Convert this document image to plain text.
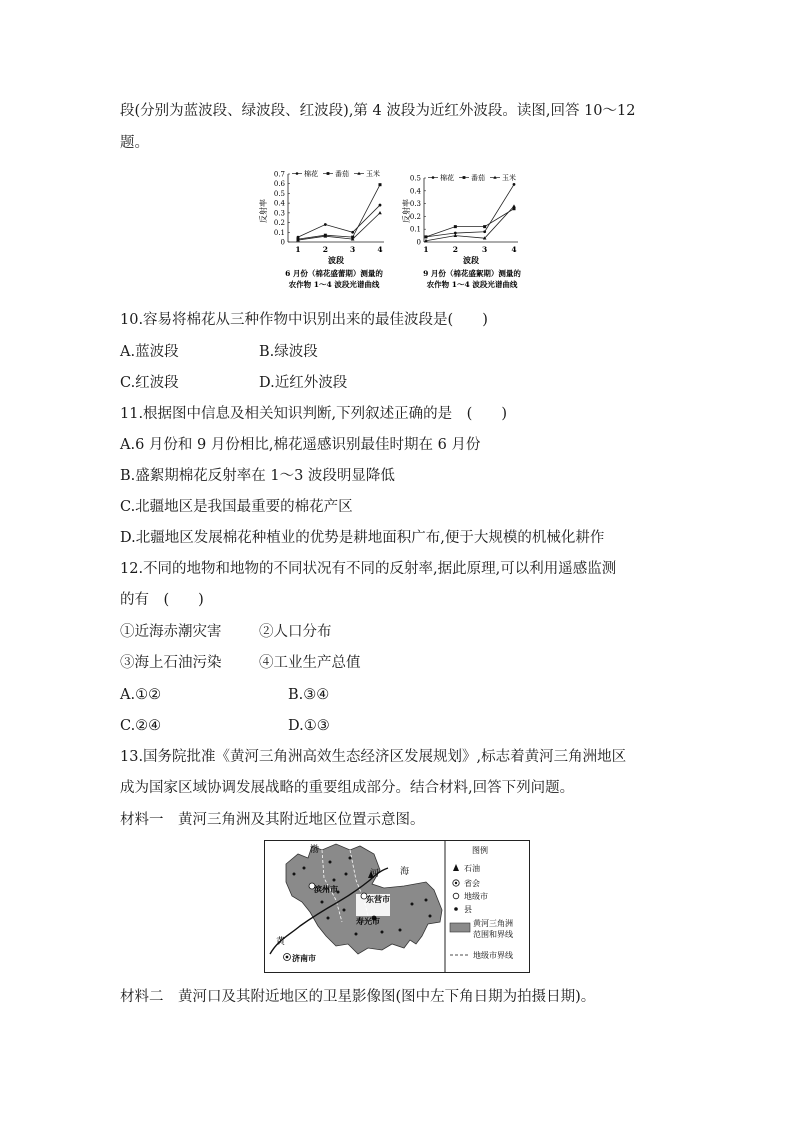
段(分别为蓝波段、绿波段、红波段),第 4 波段为近红外波段。读图,回答 10～12
题。
反射率
0.7
0.6
0.5
0.4
0.3
0.2
0.1
0
1	2	3	4
棉花 番茄 玉米
波段
6 月份（棉花盛蕾期）测量的
农作物 1～4 波段光谱曲线
反射率
0.5
0.4
0.3
0.2
0.1
0
1	2	3	4
棉花 番茄 玉米
波段
9 月份（棉花盛絮期）测量的
农作物 1～4 波段光谱曲线
10.容易将棉花从三种作物中识别出来的最佳波段是(　　)
A.蓝波段	B.绿波段
C.红波段	D.近红外波段
11.根据图中信息及相关知识判断,下列叙述正确的是　(　　)
A.6 月份和 9 月份相比,棉花遥感识别最佳时期在 6 月份
B.盛絮期棉花反射率在 1～3 波段明显降低
C.北疆地区是我国最重要的棉花产区
D.北疆地区发展棉花种植业的优势是耕地面积广布,便于大规模的机械化耕作
12.不同的地物和地物的不同状况有不同的反射率,据此原理,可以利用遥感监测
的有　(　　)
①近海赤潮灾害	②人口分布
③海上石油污染	④工业生产总值
A.①②	B.③④
C.②④	D.①③
13.国务院批准《黄河三角洲高效生态经济区发展规划》,标志着黄河三角洲地区
成为国家区域协调发展战略的重要组成部分。结合材料,回答下列问题。
材料一　黄河三角洲及其附近地区位置示意图。
渤
海
河
黄
滨州市
东营市
寿光市
济南市
图例
石油
省会
地级市
县
黄河三角洲
范围和界线
地级市界线
材料二　黄河口及其附近地区的卫星影像图(图中左下角日期为拍摄日期)。
